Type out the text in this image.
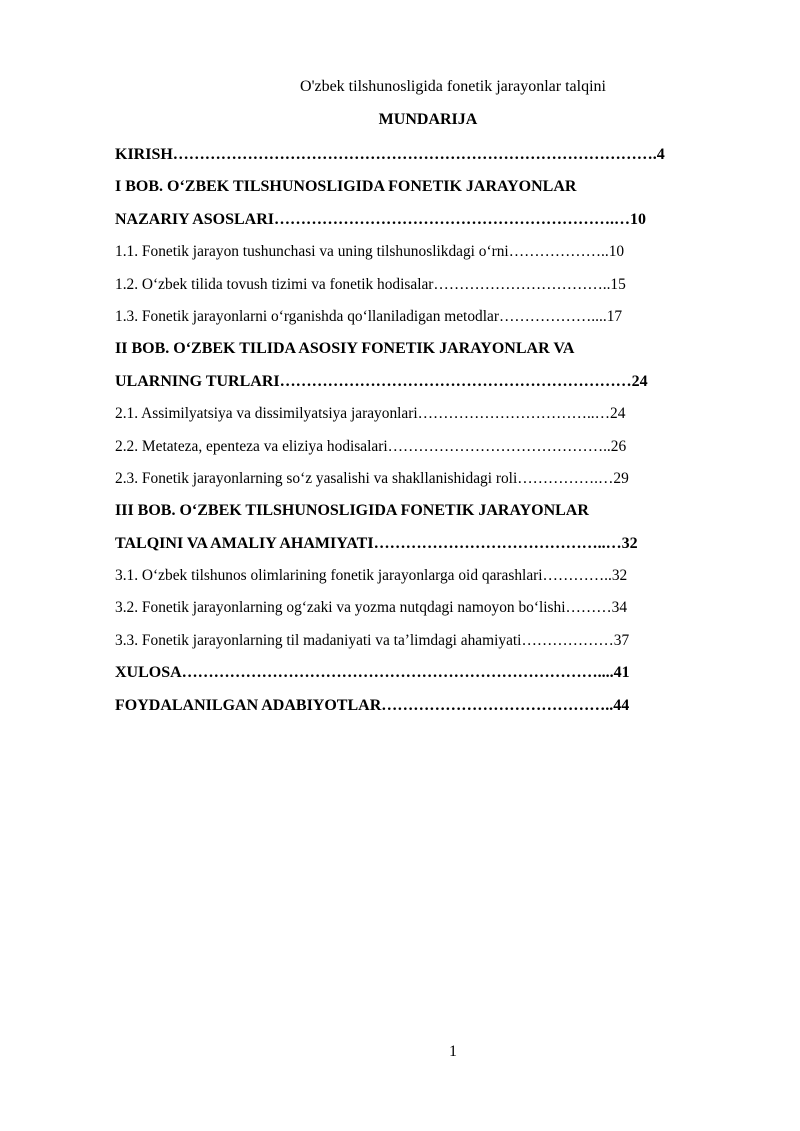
O'zbek tilshunosligida fonetik jarayonlar talqini
MUNDARIJA
KIRISH……………………………………………………………………………….4
I BOB. O‘ZBEK TILSHUNOSLIGIDA FONETIK JARAYONLAR
NAZARIY ASOSLARI……………………………………………………….…10
1.1. Fonetik jarayon tushunchasi va uning tilshunoslikdagi o‘rni………………..10
1.2. O‘zbek tilida tovush tizimi va fonetik hodisalar……………………………..15
1.3. Fonetik jarayonlarni o‘rganishda qo‘llaniladigan metodlar………………....17
II BOB. O‘ZBEK TILIDA ASOSIY FONETIK JARAYONLAR VA
ULARNING TURLARI…………………………………………………………24
2.1. Assimilyatsiya va dissimilyatsiya jarayonlari……………………………..…24
2.2. Metateza, epenteza va eliziya hodisalari……………………………………..26
2.3. Fonetik jarayonlarning so‘z yasalishi va shakllanishidagi roli…………….…29
III BOB. O‘ZBEK TILSHUNOSLIGIDA FONETIK JARAYONLAR
TALQINI VA AMALIY AHAMIYATI……………………………………..…32
3.1. O‘zbek tilshunos olimlarining fonetik jarayonlarga oid qarashlari…………..32
3.2. Fonetik jarayonlarning og‘zaki va yozma nutqdagi namoyon bo‘lishi………34
3.3. Fonetik jarayonlarning til madaniyati va ta’limdagi ahamiyati………………37
XULOSA……………………………………………………………………....41
FOYDALANILGAN ADABIYOTLAR……………………………………..44
1
